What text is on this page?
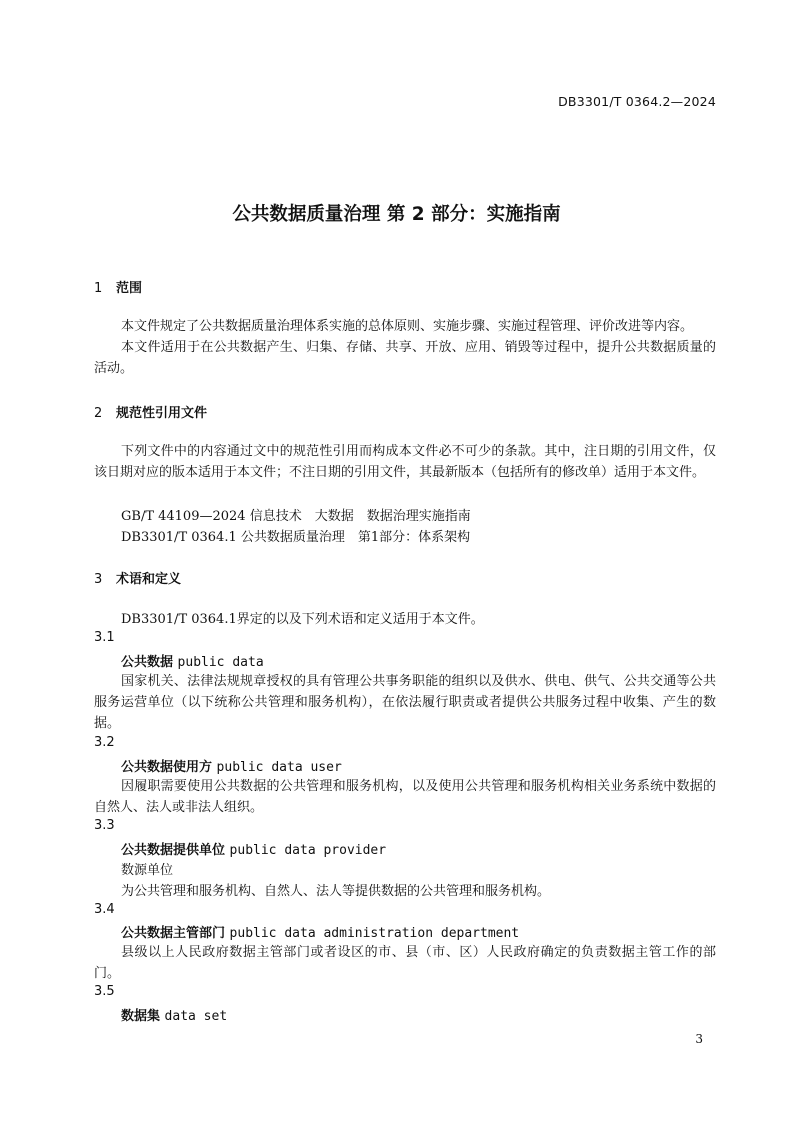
DB3301/T 0364.2—2024
公共数据质量治理 第 2 部分：实施指南
1 范围
本文件规定了公共数据质量治理体系实施的总体原则、实施步骤、实施过程管理、评价改进等内容。
本文件适用于在公共数据产生、归集、存储、共享、开放、应用、销毁等过程中，提升公共数据质量的活动。
2 规范性引用文件
下列文件中的内容通过文中的规范性引用而构成本文件必不可少的条款。其中，注日期的引用文件，仅该日期对应的版本适用于本文件；不注日期的引用文件，其最新版本（包括所有的修改单）适用于本文件。
GB/T 44109—2024 信息技术　大数据　数据治理实施指南
DB3301/T 0364.1 公共数据质量治理　第1部分：体系架构
3 术语和定义
DB3301/T 0364.1界定的以及下列术语和定义适用于本文件。
3.1
公共数据 public data
国家机关、法律法规规章授权的具有管理公共事务职能的组织以及供水、供电、供气、公共交通等公共服务运营单位（以下统称公共管理和服务机构），在依法履行职责或者提供公共服务过程中收集、产生的数据。
3.2
公共数据使用方 public data user
因履职需要使用公共数据的公共管理和服务机构，以及使用公共管理和服务机构相关业务系统中数据的自然人、法人或非法人组织。
3.3
公共数据提供单位 public data provider
数源单位
为公共管理和服务机构、自然人、法人等提供数据的公共管理和服务机构。
3.4
公共数据主管部门 public data administration department
县级以上人民政府数据主管部门或者设区的市、县（市、区）人民政府确定的负责数据主管工作的部门。
3.5
数据集 data set
3
